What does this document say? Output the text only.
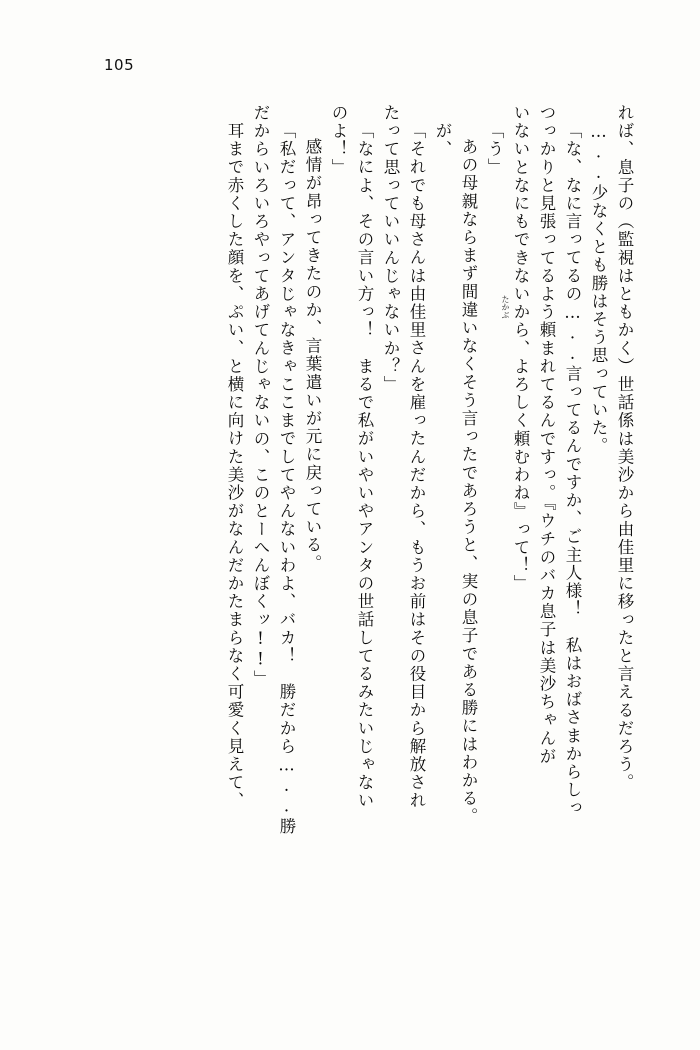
105
れば、息子の（監視はともかく）世話係は美沙から由佳里に移ったと言えるだろう。
…..少なくとも勝はそう思っていた。
「な、なに言ってるの…..言ってるんですか、ご主人様！　私はおばさまからしっ
つっかりと見張ってるよう頼まれてるんですっ。『ウチのバカ息子は美沙ちゃんが
いないとなにもできないから、よろしく頼むわね』って！」
「う」
あの母親ならまず間違いなくそう言ったであろうと、実の息子である勝にはわかる。
が、
「それでも母さんは由佳里さんを雇ったんだから、もうお前はその役目から解放され
たって思っていいんじゃないか？」
「なによ、その言い方っ！　まるで私がいやいやアンタの世話してるみたいじゃない
のよ！」
感情が昂ってきたのか、言葉遣いが元に戻っている。
「私だって、アンタじゃなきゃここまでしてやんないわよ、バカ！　勝だから…..勝
だからいろいろやってあげてんじゃないの、このとーへんぼくッ!!」
耳まで赤くした顔を、ぷい、と横に向けた美沙がなんだかたまらなく可愛く見えて、	たかぶ
